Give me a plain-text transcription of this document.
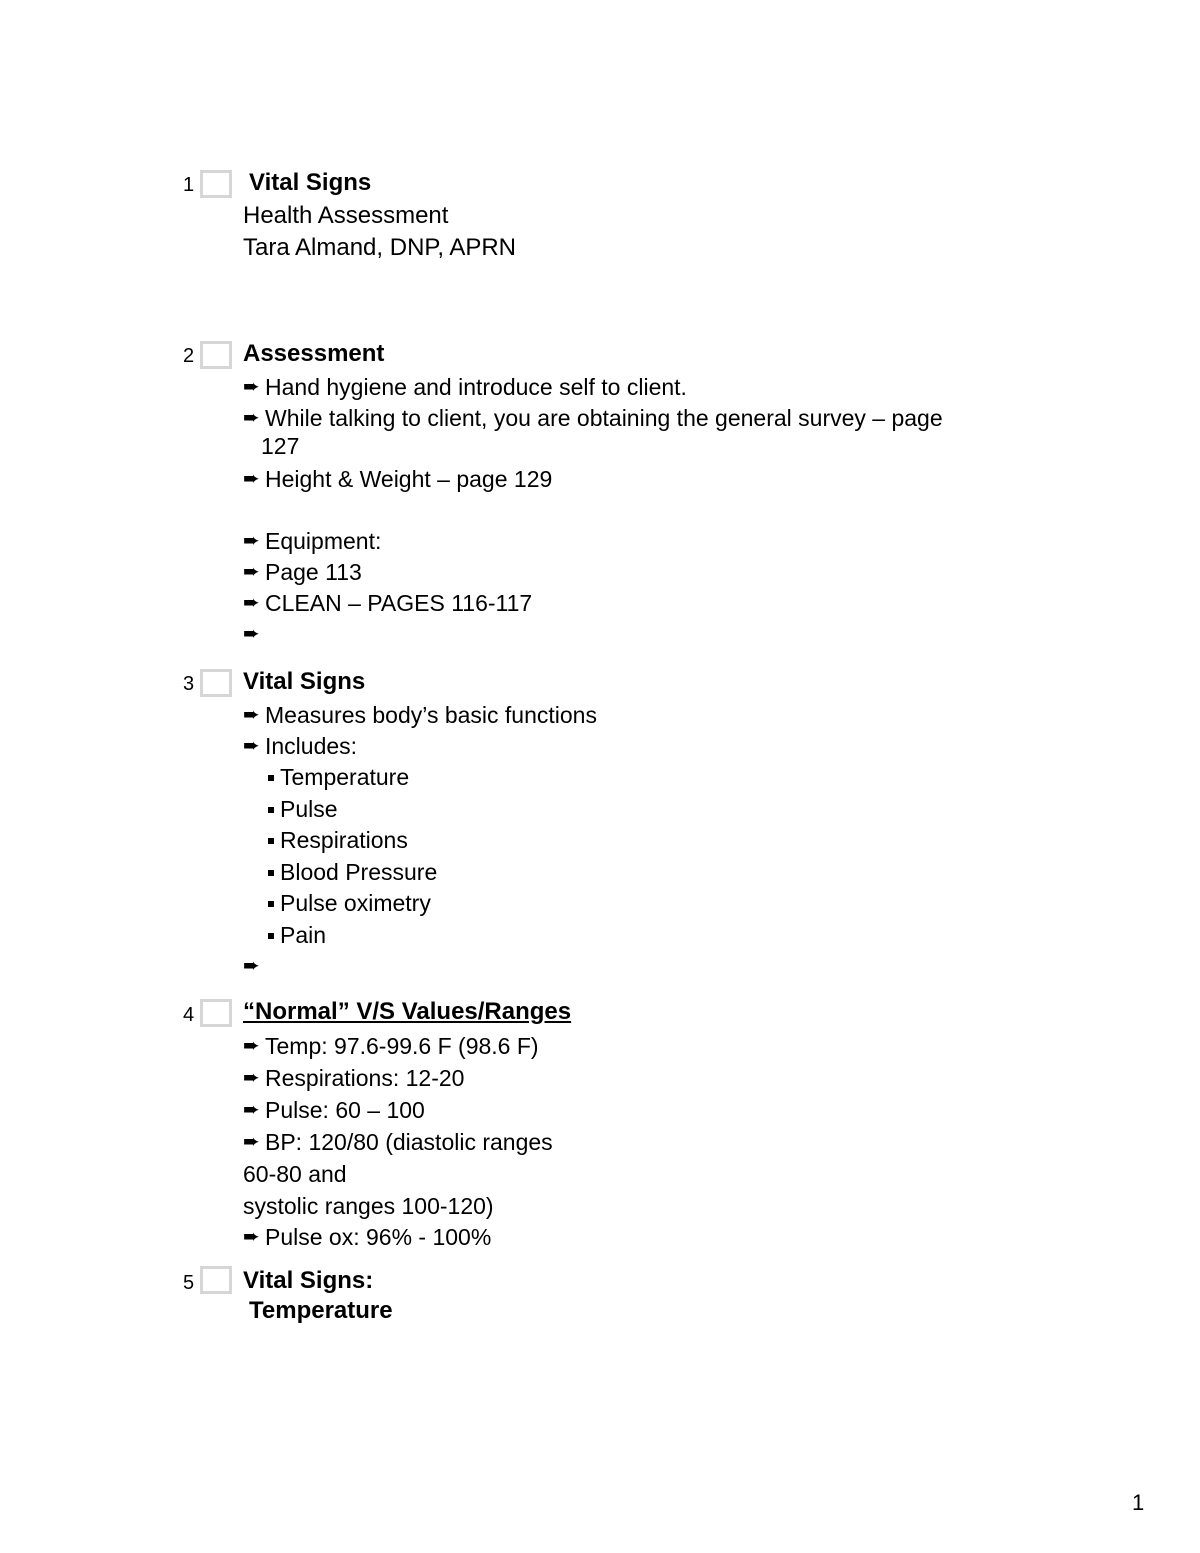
1 Vital Signs
Health Assessment
Tara Almand, DNP, APRN
2 Assessment
➨ Hand hygiene and introduce self to client.
➨ While talking to client, you are obtaining the general survey – page
127
➨ Height & Weight – page 129
➨ Equipment:
➨ Page 113
➨ CLEAN – PAGES 116-117
➨

3 Vital Signs
➨ Measures body’s basic functions
➨ Includes:
Temperature
Pulse
Respirations
Blood Pressure
Pulse oximetry
Pain
➨

4 “Normal” V/S Values/Ranges
➨ Temp: 97.6-99.6 F (98.6 F)
➨ Respirations: 12-20
➨ Pulse: 60 – 100
➨ BP: 120/80 (diastolic ranges
60-80 and
systolic ranges 100-120)
➨ Pulse ox: 96% - 100%
5 Vital Signs:
Temperature
1
